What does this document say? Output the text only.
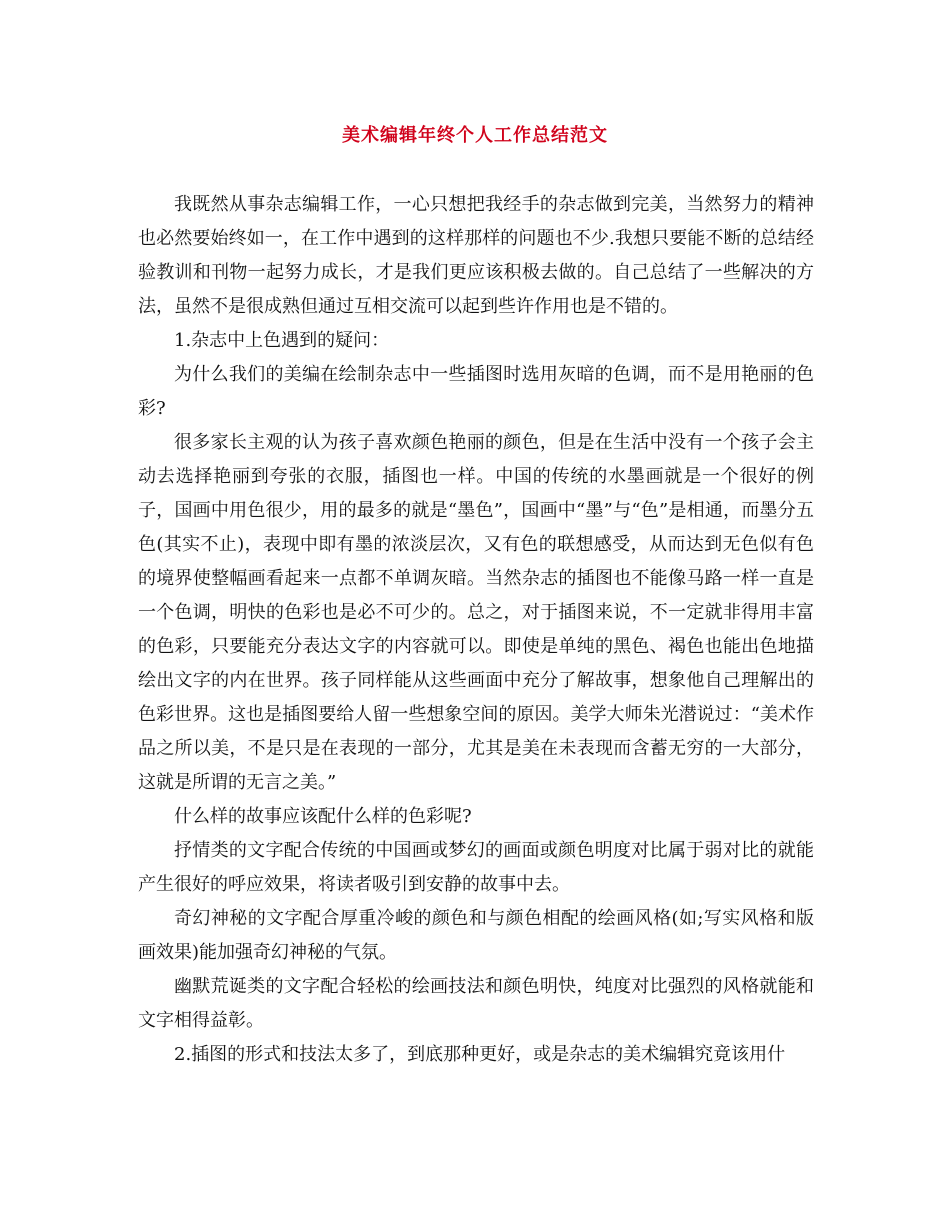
美术编辑年终个人工作总结范文

我既然从事杂志编辑工作，一心只想把我经手的杂志做到完美，当然努力的精神也必然要始终如一，在工作中遇到的这样那样的问题也不少.我想只要能不断的总结经验教训和刊物一起努力成长，才是我们更应该积极去做的。自己总结了一些解决的方法，虽然不是很成熟但通过互相交流可以起到些许作用也是不错的。

1.杂志中上色遇到的疑问：

为什么我们的美编在绘制杂志中一些插图时选用灰暗的色调，而不是用艳丽的色彩?

很多家长主观的认为孩子喜欢颜色艳丽的颜色，但是在生活中没有一个孩子会主动去选择艳丽到夸张的衣服，插图也一样。中国的传统的水墨画就是一个很好的例子，国画中用色很少，用的最多的就是“墨色”，国画中“墨”与“色”是相通，而墨分五色(其实不止)，表现中即有墨的浓淡层次，又有色的联想感受，从而达到无色似有色的境界使整幅画看起来一点都不单调灰暗。当然杂志的插图也不能像马路一样一直是一个色调，明快的色彩也是必不可少的。总之，对于插图来说，不一定就非得用丰富的色彩，只要能充分表达文字的内容就可以。即使是单纯的黑色、褐色也能出色地描绘出文字的内在世界。孩子同样能从这些画面中充分了解故事，想象他自己理解出的色彩世界。这也是插图要给人留一些想象空间的原因。美学大师朱光潜说过：“美术作品之所以美，不是只是在表现的一部分，尤其是美在未表现而含蓄无穷的一大部分，这就是所谓的无言之美。”

什么样的故事应该配什么样的色彩呢?

抒情类的文字配合传统的中国画或梦幻的画面或颜色明度对比属于弱对比的就能产生很好的呼应效果，将读者吸引到安静的故事中去。

奇幻神秘的文字配合厚重冷峻的颜色和与颜色相配的绘画风格(如;写实风格和版画效果)能加强奇幻神秘的气氛。

幽默荒诞类的文字配合轻松的绘画技法和颜色明快，纯度对比强烈的风格就能和文字相得益彰。

2.插图的形式和技法太多了，到底那种更好，或是杂志的美术编辑究竟该用什
